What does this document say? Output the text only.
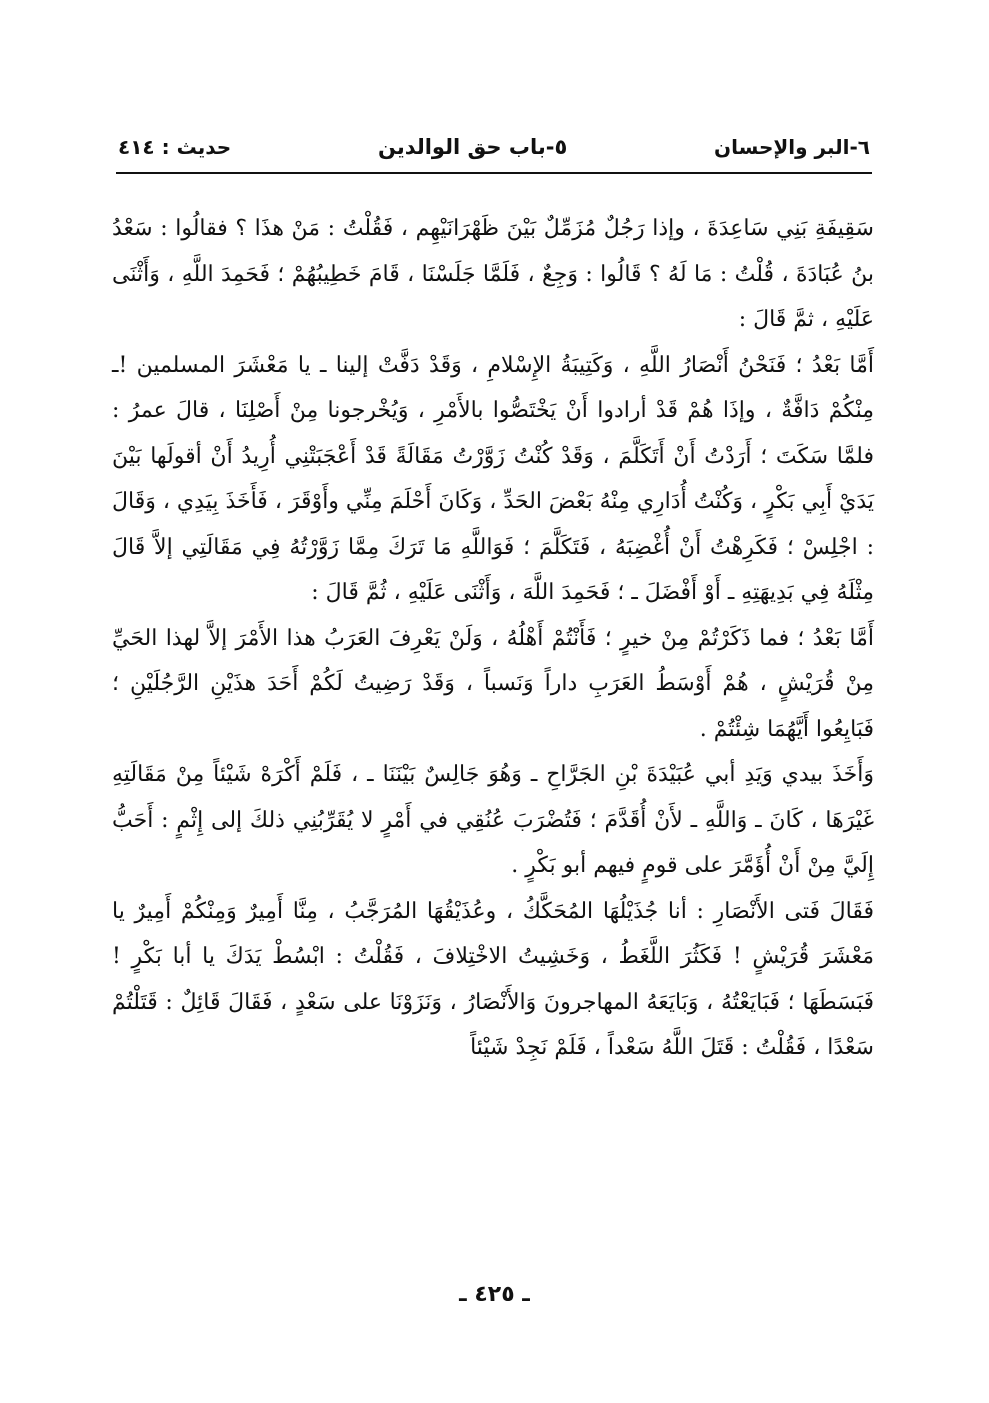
٦-البر والإحسان
٥-باب حق الوالدين
حديث : ٤١٤

سَقِيفَةِ بَنِي سَاعِدَةَ ، وإذا رَجُلٌ مُزَمِّلٌ بَيْنَ ظَهْرَانَيْهِم ، فَقُلْتُ : مَنْ هذَا ؟ فقالُوا : سَعْدُ بنُ عُبَادَةَ ، قُلْتُ : مَا لَهُ ؟ قَالُوا : وَجِعٌ ، فَلَمَّا جَلَسْنَا ، قَامَ خَطِيبُهُمْ ؛ فَحَمِدَ اللَّهِ ، وَأَثْنَى عَلَيْهِ ، ثمَّ قَالَ :

أَمَّا بَعْدُ ؛ فَنَحْنُ أَنْصَارُ اللَّهِ ، وَكَتِيبَةُ الإِسْلامِ ، وَقَدْ دَفَّتْ إلينا ـ يا مَعْشَرَ المسلمين !ـ مِنْكُمْ دَافَّةٌ ، وإذَا هُمْ قَدْ أرادوا أَنْ يَخْتَصُّوا بالأَمْرِ ، وَيُخْرجونا مِنْ أَصْلِنَا ، قالَ عمرُ : فلمَّا سَكَتَ ؛ أَرَدْتُ أَنْ أَتَكَلَّمَ ، وَقَدْ كُنْتُ زَوَّرْتُ مَقَالَةً قَدْ أَعْجَبَتْنِي أُرِيدُ أَنْ أقولَها بَيْنَ يَدَيْ أَبِي بَكْرٍ ، وَكُنْتُ أُدَارِي مِنْهُ بَعْضَ الحَدِّ ، وَكَانَ أَحْلَمَ مِنِّي وأَوْقَرَ ، فَأَخَذَ بِيَدِي ، وَقَالَ : اجْلِسْ ؛ فَكَرِهْتُ أَنْ أُغْضِبَهُ ، فَتَكَلَّمَ ؛ فَوَاللَّهِ مَا تَرَكَ مِمَّا زَوَّرْتُهُ فِي مَقَالَتِي إلاَّ قَالَ مِثْلَهُ فِي بَدِيهَتِهِ ـ أَوْ أَفْضَلَ ـ ؛ فَحَمِدَ اللَّهَ ، وَأَثْنَى عَلَيْهِ ، ثُمَّ قَالَ :

أَمَّا بَعْدُ ؛ فما ذَكَرْتُمْ مِنْ خيرٍ ؛ فَأَنْتُمْ أَهْلُهُ ، وَلَنْ يَعْرِفَ العَرَبُ هذا الأَمْرَ إلاَّ لهذا الحَيِّ مِنْ قُرَيْشٍ ، هُمْ أَوْسَطُ العَرَبِ داراً وَنَسباً ، وَقَدْ رَضِيتُ لَكُمْ أَحَدَ هذَيْنِ الرَّجُلَيْنِ ؛ فَبَايِعُوا أَيَّهُمَا شِئْتُمْ .

وَأَخَذَ بيدي وَيَدِ أبي عُبَيْدَةَ بْنِ الجَرَّاحِ ـ وَهُوَ جَالِسٌ بَيْنَنَا ـ ، فَلَمْ أَكْرَهْ شَيْئاً مِنْ مَقَالَتِهِ غَيْرَهَا ، كَانَ ـ وَاللَّهِ ـ لأَنْ أُقَدَّمَ ؛ فَتُضْرَبَ عُنُقِي في أَمْرٍ لا يُقَرِّبُنِي ذلكَ إلى إِثْمٍ : أَحَبُّ إِلَيَّ مِنْ أَنْ أُؤَمَّرَ على قومٍ فيهم أبو بَكْرٍ .

فَقَالَ فَتى الأَنْصَارِ : أنا جُذَيْلُهَا المُحَكَّكُ ، وعُذَيْقُهَا المُرَجَّبُ ، مِنَّا أَمِيرٌ وَمِنْكُمْ أَمِيرٌ يا مَعْشَرَ قُرَيْشٍ ! فَكَثُرَ اللَّغَطُ ، وَخَشِيتُ الاخْتِلافَ ، فَقُلْتُ : ابْسُطْ يَدَكَ يا أبا بَكْرٍ ! فَبَسَطَهَا ؛ فَبَايَعْتُهُ ، وَبَايَعَهُ المهاجرونَ وَالأَنْصَارُ ، وَنَزَوْنَا على سَعْدٍ ، فَقَالَ قَائِلٌ : قَتَلْتُمْ سَعْدًا ، فَقُلْتُ : قَتَلَ اللَّهُ سَعْداً ، فَلَمْ نَجِدْ شَيْئاً

ـ ٤٢٥ ـ
